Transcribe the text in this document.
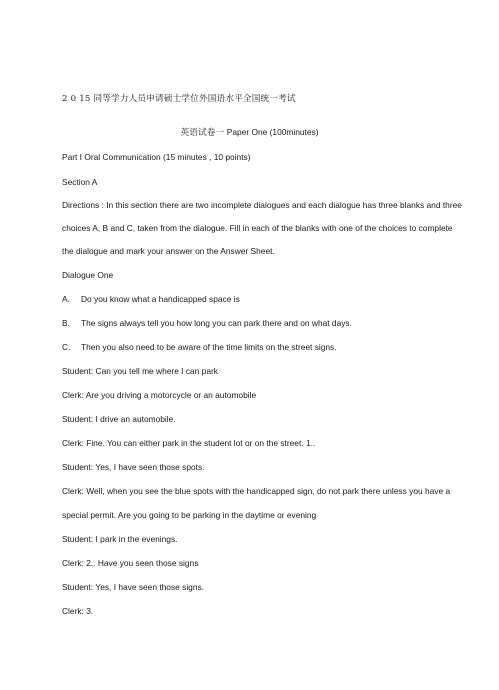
2 0 15 同等学力人员申请硕士学位外国语水平全国统一考试
英语试卷一 Paper One (100minutes)
Part I Oral Communication (15 minutes , 10 points)
Section A
Directions : In this section there are two incomplete dialogues and each dialogue has three blanks and three
choices A, B and C, taken from the dialogue. Fill in each of the blanks with one of the choices to complete
the dialogue and mark your answer on the Answer Sheet.
Dialogue One
A. Do you know what a handicapped space is
B. The signs always tell you how long you can park there and on what days.
C. Then you also need to be aware of the time limits on the street signs.
Student: Can you tell me where I can park
Clerk: Are you driving a motorcycle or an automobile
Student: I drive an automobile.
Clerk: Fine. You can either park in the student lot or on the street. 1..
Student: Yes, I have seen those spots.
Clerk: Well, when you see the blue spots with the handicapped sign, do not park there unless you have a
special permit. Are you going to be parking in the daytime or evening
Student: I park in the evenings.
Clerk: 2.. Have you seen those signs
Student: Yes, I have seen those signs.
Clerk: 3.
